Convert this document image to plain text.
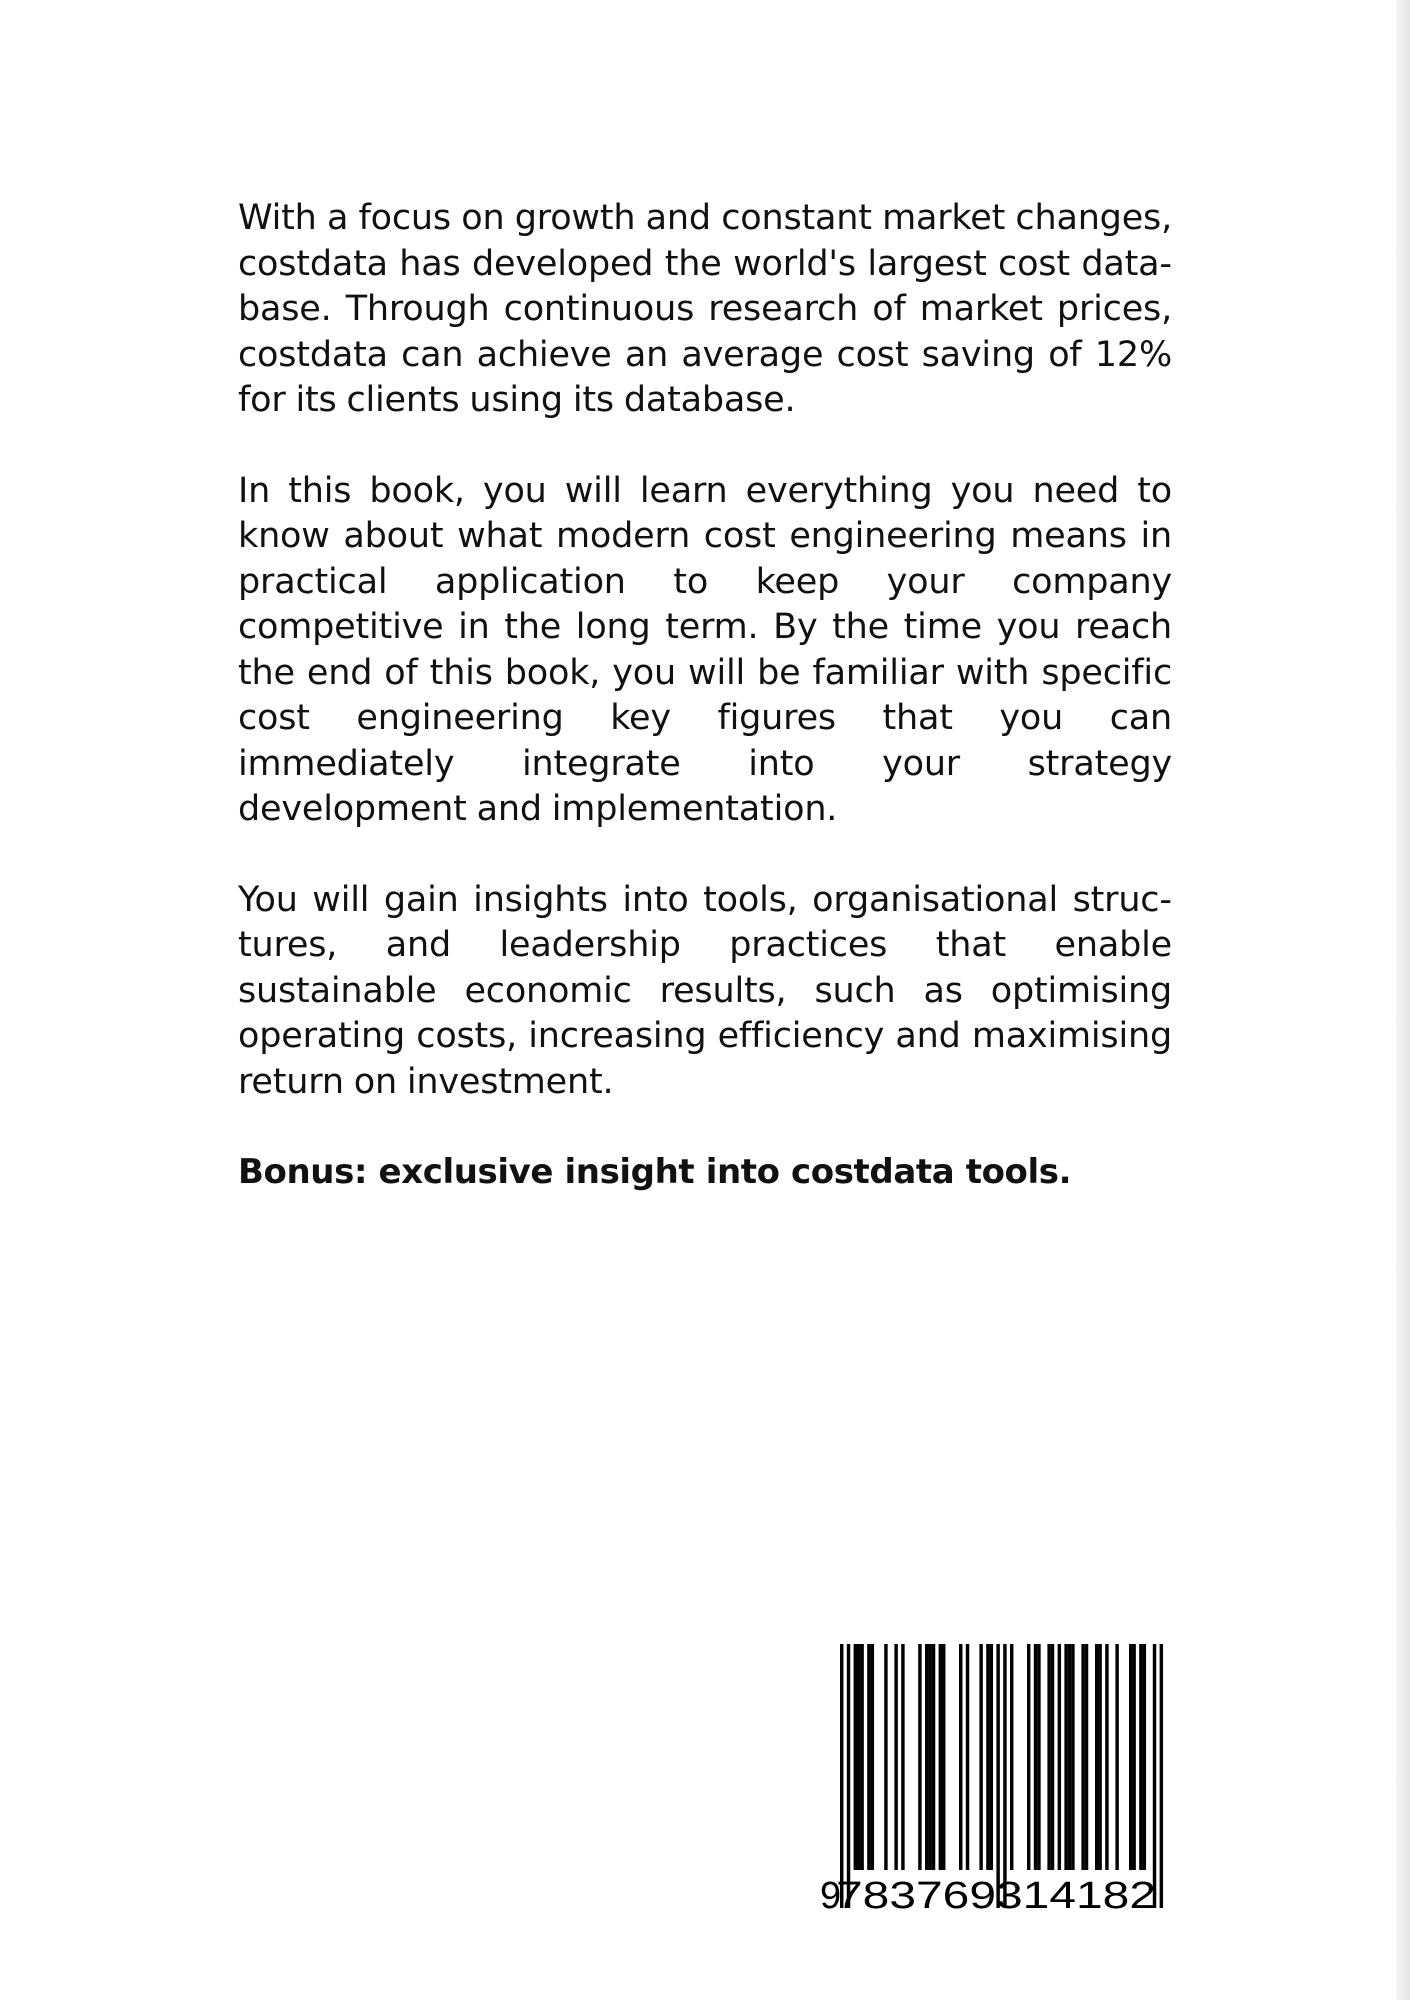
With a focus on growth and constant market changes, costdata has developed the world's largest cost database. Through continuous research of market prices, costdata can achieve an average cost saving of 12% for its clients using its database.

In this book, you will learn everything you need to know about what modern cost engineering means in practical application to keep your company competitive in the long term. By the time you reach the end of this book, you will be familiar with specific cost engineering key figures that you can immediately integrate into your strategy development and implementation.

You will gain insights into tools, organisational structures, and leadership practices that enable sustainable economic results, such as optimising operating costs, increasing efficiency and maximising return on investment.

Bonus: exclusive insight into costdata tools.

9
783769 314182
